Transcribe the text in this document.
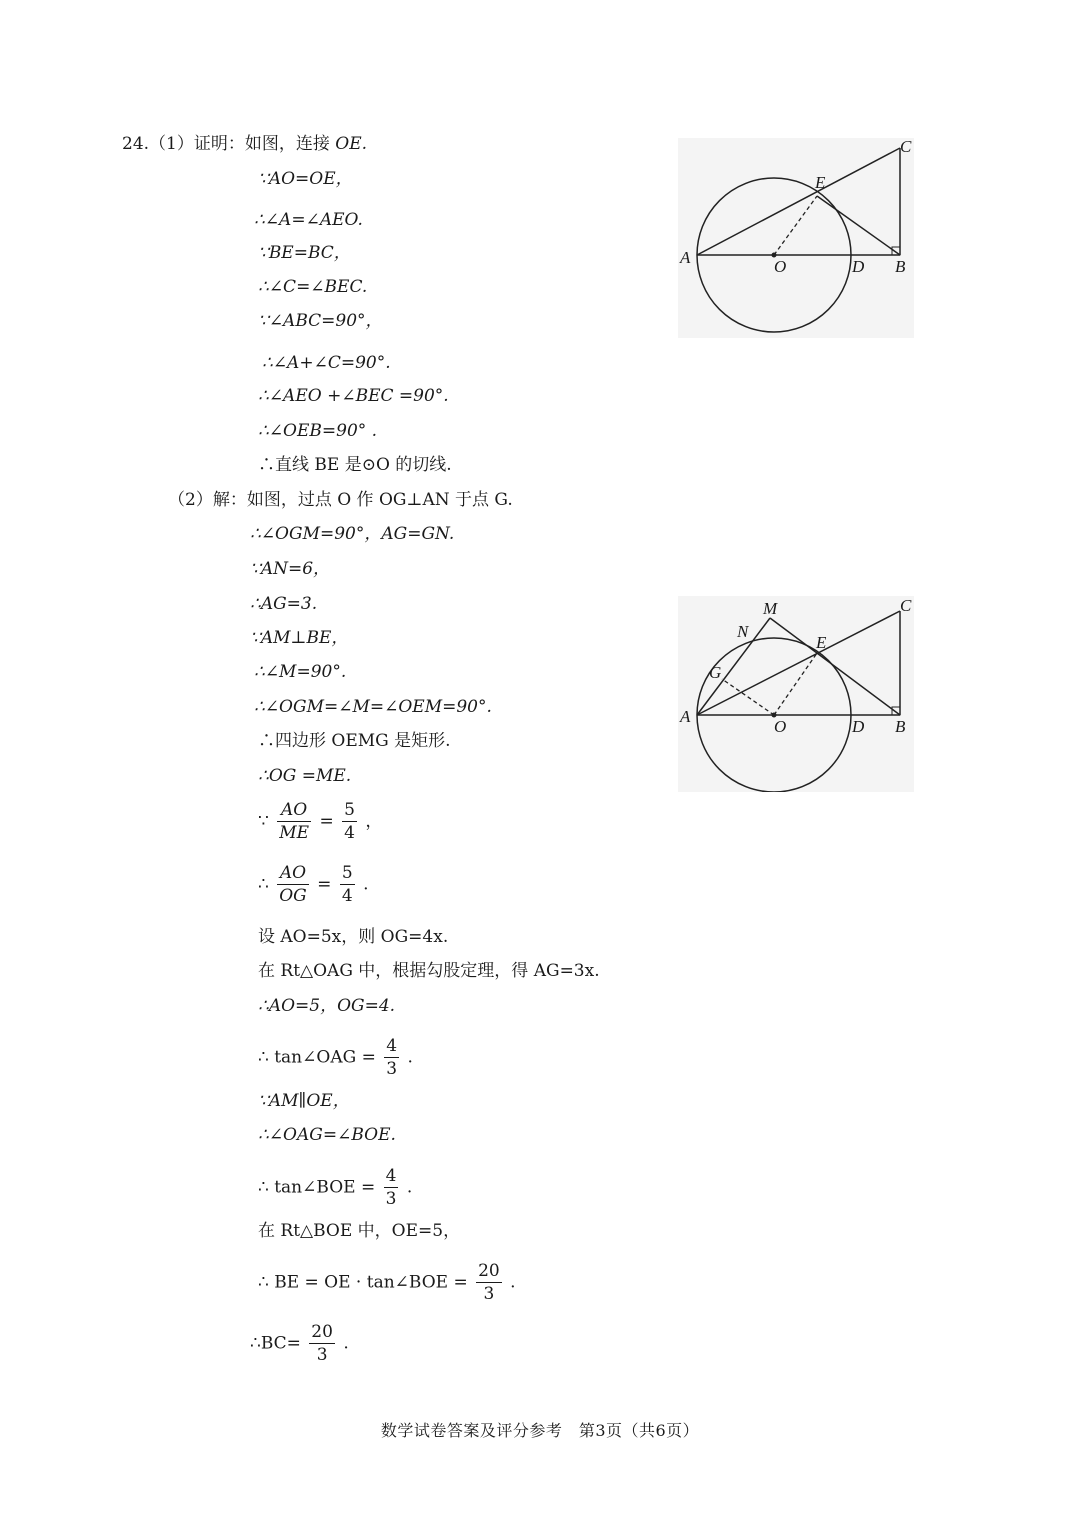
24.（1）证明：如图，连接 OE.
∵AO=OE，
∴∠A=∠AEO.
∵BE=BC，
∴∠C=∠BEC.
∵∠ABC=90°，
∴∠A+∠C=90°.
∴∠AEO +∠BEC =90°.
∴∠OEB=90° .
∴直线 BE 是⊙O 的切线.
（2）解：如图，过点 O 作 OG⊥AN 于点 G.
∴∠OGM=90°，AG=GN.
∵AN=6，
∴AG=3.
∵AM⊥BE，
∴∠M=90°.
∴∠OGM=∠M=∠OEM=90°.
∴四边形 OEMG 是矩形.
∴OG =ME.
∵ $\frac{AO}{ME} = \frac{5}{4}$ ，
∴ $\frac{AO}{OG} = \frac{5}{4}$ .
设 AO=5x，则 OG=4x.
在 Rt△OAG 中，根据勾股定理，得 AG=3x.
∴AO=5，OG=4.
∴ tan∠OAG = $\frac{4}{3}$ .
∵AM∥OE，
∴∠OAG=∠BOE.
∴ tan∠BOE = $\frac{4}{3}$ .
在 Rt△BOE 中，OE=5，
∴ BE = OE · tan∠BOE = $\frac{20}{3}$ .
∴BC= $\frac{20}{3}$ .
A	O	D B
C
E
A
O	D B
C
E
M
N
G
数学试卷答案及评分参考　第3页（共6页）
